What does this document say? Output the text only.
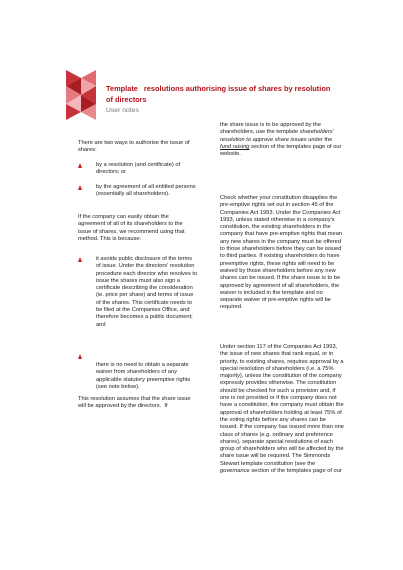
Template resolutions authorising issue of shares by resolution of directors
User notes
There are two ways to authorise the issue of shares:
by a resolution (and certificate) of directors; or
by the agreement of all entitled persons (essentially all shareholders).
If the company can easily obtain the agreement of all of its shareholders to the issue of shares, we recommend using that method. This is because:
it avoids public disclosure of the terms of issue. Under the directors' resolution procedure each director who resolves to issue the shares must also sign a certificate describing the consideration (ie. price per share) and terms of issue of the shares. This certificate needs to be filed at the Companies Office, and therefore becomes a public document; and
there is no need to obtain a separate waiver from shareholders of any applicable statutory preemptive rights (see note below).
This resolution assumes that the share issue will be approved by the directors. If
the share issue is to be approved by the shareholders, use the template shareholders' resolution to approve share issues under the fund raising section of the templates page of our website.
Check whether your constitution disapplies the pre-emptive rights set out in section 45 of the Companies Act 1993. Under the Companies Act 1993, unless stated otherwise in a company's constitution, the existing shareholders in the company that have pre-emptive rights that mean any new shares in the company must be offered to those shareholders before they can be issued to third parties. If existing shareholders do have preemptive rights, these rights will need to be waived by those shareholders before any new shares can be issued. If the share issue is to be approved by agreement of all shareholders, the waiver is included in the template and no separate waiver of pre-emptive rights will be required.
Under section 117 of the Companies Act 1993, the issue of new shares that rank equal, or in priority, to existing shares, requires approval by a special resolution of shareholders (i.e. a 75% majority), unless the constitution of the company expressly provides otherwise. The constitution should be checked for such a provision and, if one is not provided or if the company does not have a constitution, the company must obtain the approval of shareholders holding at least 75% of the voting rights before any shares can be issued. If the company has issued more than one class of shares (e.g. ordinary and preference shares), separate special resolutions of each group of shareholders who will be affected by the share issue will be required. The Simmonds Stewart template constitution (see the governance section of the templates page of our
